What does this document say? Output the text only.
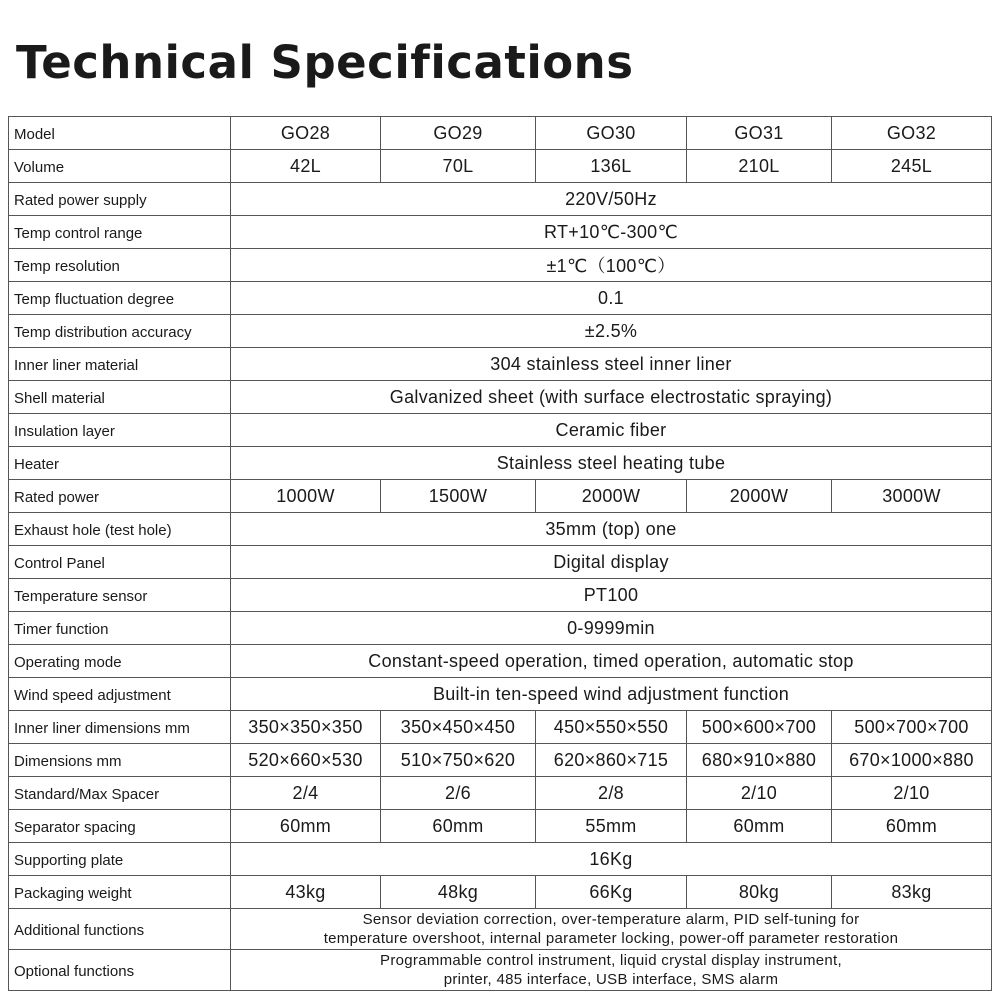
Technical Specifications
Model	GO28	GO29	GO30	GO31	GO32
Volume	42L	70L	136L	210L	245L
Rated power supply	220V/50Hz				
Temp control range	RT+10℃-300℃				
Temp resolution	±1℃（100℃）				
Temp fluctuation degree	0.1				
Temp distribution accuracy	±2.5%				
Inner liner material	304 stainless steel inner liner				
Shell material	Galvanized sheet (with surface electrostatic spraying)				
Insulation layer	Ceramic fiber				
Heater	Stainless steel heating tube				
Rated power	1000W	1500W	2000W	2000W	3000W
Exhaust hole (test hole)	35mm (top) one				
Control Panel	Digital display				
Temperature sensor	PT100				
Timer function	0-9999min				
Operating mode	Constant-speed operation, timed operation, automatic stop				
Wind speed adjustment	Built-in ten-speed wind adjustment function				
Inner liner dimensions mm	350×350×350	350×450×450	450×550×550	500×600×700	500×700×700
Dimensions mm	520×660×530	510×750×620	620×860×715	680×910×880	670×1000×880
Standard/Max Spacer	2/4	2/6	2/8	2/10	2/10
Separator spacing	60mm	60mm	55mm	60mm	60mm
Supporting plate	16Kg				
Packaging weight	43kg	48kg	66Kg	80kg	83kg
Additional functions	Sensor deviation correction, over-temperature alarm, PID self-tuning for
temperature overshoot, internal parameter locking, power-off parameter restoration				

Optional functions	Programmable control instrument, liquid crystal display instrument,
printer, 485 interface, USB interface, SMS alarm				
